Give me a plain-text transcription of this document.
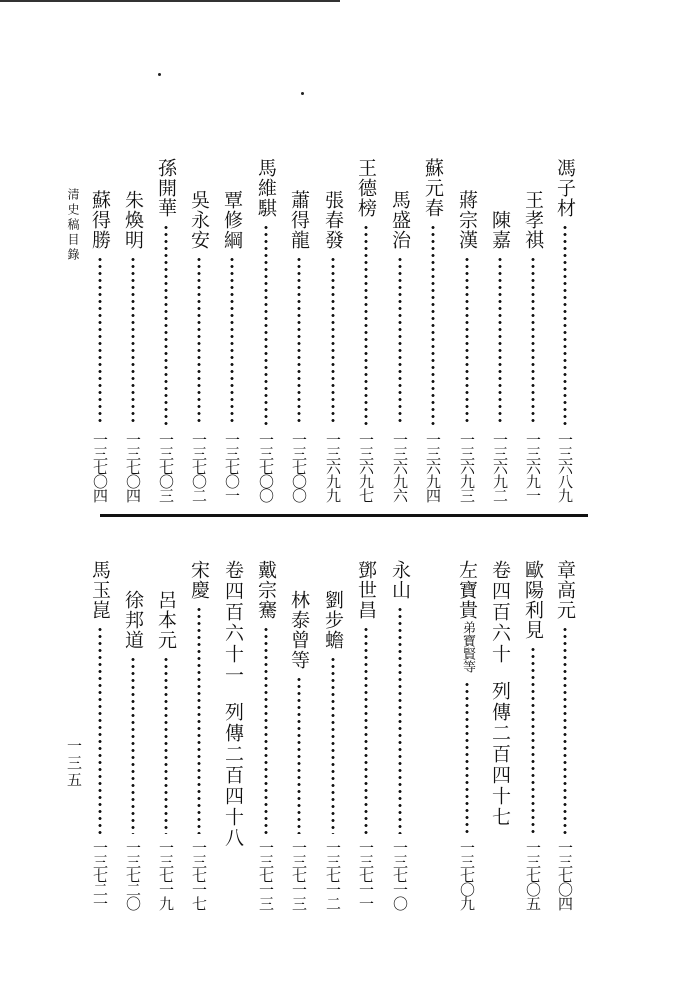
清史稿目錄
一三五
馮子材
一三六八九
王孝祺
一三六九一
陳嘉
一三六九二
蔣宗漢
一三六九三
蘇元春
一三六九四
馬盛治
一三六九六
王德榜
一三六九七
張春發
一三六九九
蕭得龍
一三七〇〇
馬維騏
一三七〇〇
覃修綱
一三七〇一
吳永安
一三七〇二
孫開華
一三七〇三
朱煥明
一三七〇四
蘇得勝
一三七〇四
章高元
一三七〇四
歐陽利見
一三七〇五
左寶貴
弟寶賢等
一三七〇九
永山
一三七一〇
鄧世昌
一三七一一
劉步蟾
一三七一二
林泰曾等
一三七一三
戴宗騫
一三七一三
宋慶
一三七一七
呂本元
一三七一九
徐邦道
一三七二〇
馬玉崑
一三七二一
卷四百六十列傳二百四十七
卷四百六十一列傳二百四十八
